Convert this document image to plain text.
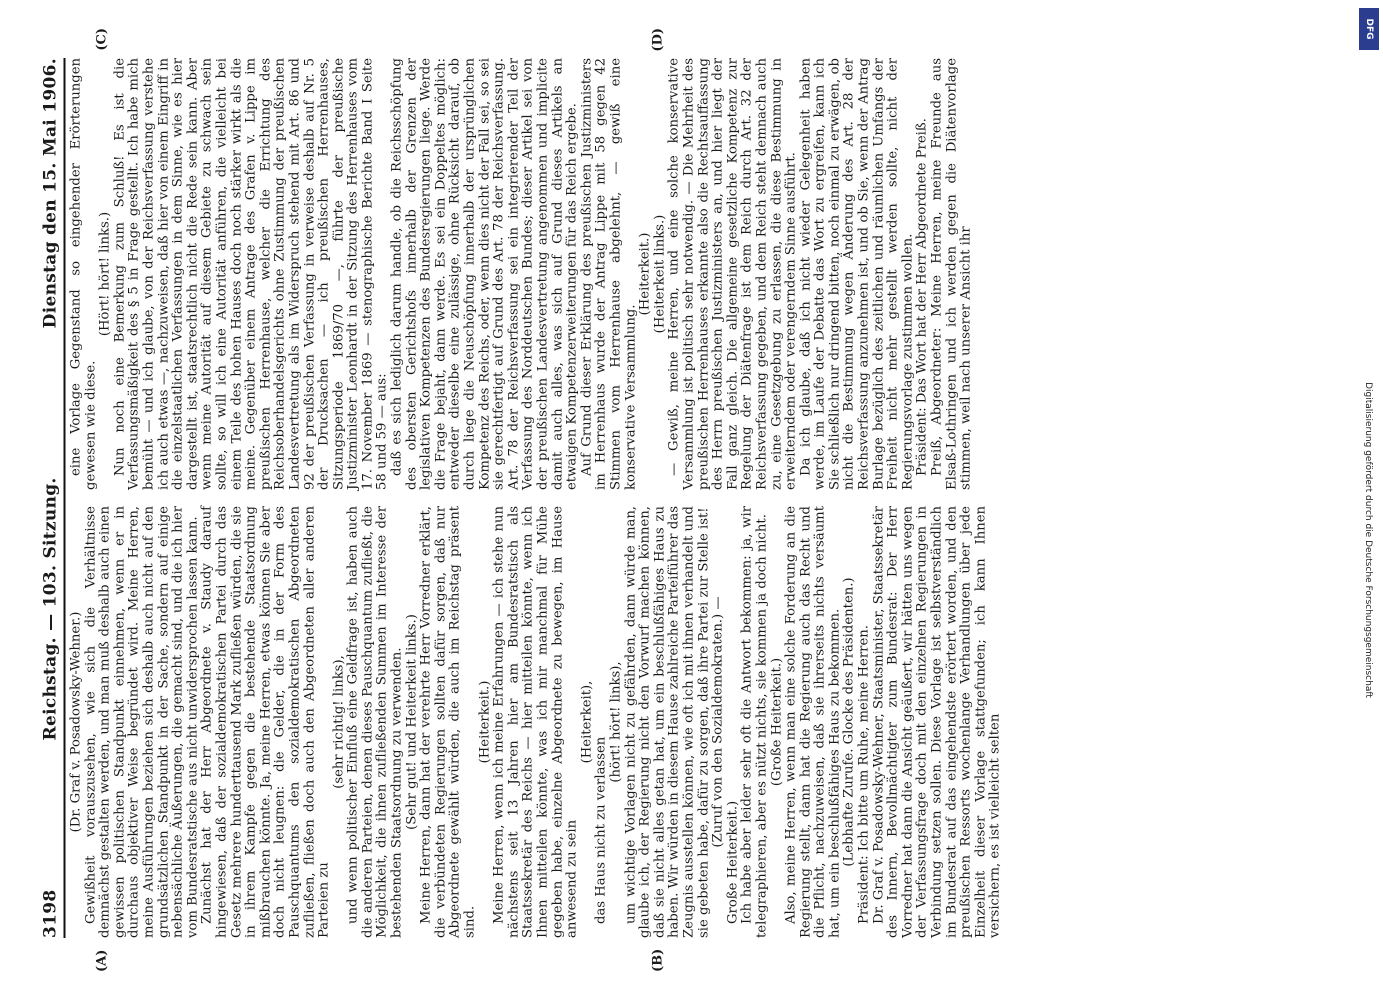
DFG
Digitalisierung gefördert durch die Deutsche Forschungsgemeinschaft
3198
Reichstag. — 103. Sitzung.
Dienstag den 15. Mai 1906.

(Dr. Graf v. Posadowsky-Wehner.) Gewißheit vorauszusehen, wie sich die Verhältnisse demnächst gestalten werden, und man muß deshalb auch einen gewissen politischen Standpunkt einnehmen, wenn er in durchaus objektiver Weise begründet wird. Meine Herren, meine Ausführungen beziehen sich deshalb auch nicht auf den grundsätzlichen Standpunkt in der Sache, sondern auf einige nebensächliche Äußerungen, die gemacht sind, und die ich hier vom Bundesratstische aus nicht unwidersprochen lassen kann. Zunächst hat der Herr Abgeordnete v. Staudy darauf hingewiesen, daß der sozialdemokratischen Partei durch das Gesetz mehrere hunderttausend Mark zufließen würden, die sie in ihrem Kampfe gegen die bestehende Staatsordnung mißbrauchen könnte. Ja, meine Herren, etwas können Sie aber doch nicht leugnen: die Gelder, die in der Form des Pauschquantums den sozialdemokratischen Abgeordneten zufließen, fließen doch auch den Abgeordneten aller anderen Parteien zu

(sehr richtig! links), und wenn politischer Einfluß eine Geldfrage ist, haben auch die anderen Parteien, denen dieses Pauschquantum zufließt, die Möglichkeit, die ihnen zufließenden Summen im Interesse der bestehenden Staatsordnung zu verwenden. (Sehr gut! und Heiterkeit links.) Meine Herren, dann hat der verehrte Herr Vorredner erklärt, die verbündeten Regierungen sollten dafür sorgen, daß nur Abgeordnete gewählt würden, die auch im Reichstag präsent sind.

(Heiterkeit.) Meine Herren, wenn ich meine Erfahrungen — ich stehe nun nächstens seit 13 Jahren hier am Bundesratstisch als Staatssekretär des Reichs — hier mitteilen könnte, wenn ich Ihnen mitteilen könnte, was ich mir manchmal für Mühe gegeben habe, einzelne Abgeordnete zu bewegen, im Hause anwesend zu sein

(Heiterkeit),

das Haus nicht zu verlassen

(hört! hört! links), um wichtige Vorlagen nicht zu gefährden, dann würde man, glaube ich, der Regierung nicht den Vorwurf machen können, daß sie nicht alles getan hat, um ein beschlußfähiges Haus zu haben. Wir würden in diesem Hause zahlreiche Parteiführer das Zeugnis ausstellen können, wie oft ich mit ihnen verhandelt und sie gebeten habe, dafür zu sorgen, daß ihre Partei zur Stelle ist! (Zuruf von den Sozialdemokraten.) —

Große Heiterkeit.) Ich habe aber leider sehr oft die Antwort bekommen: ja, wir telegraphieren, aber es nützt nichts, sie kommen ja doch nicht. (Große Heiterkeit.) Also, meine Herren, wenn man eine solche Forderung an die Regierung stellt, dann hat die Regierung auch das Recht und die Pflicht, nachzuweisen, daß sie ihrerseits nichts versäumt hat, um ein beschlußfähiges Haus zu bekommen. (Lebhafte Zurufe. Glocke des Präsidenten.) Präsident: Ich bitte um Ruhe, meine Herren. Dr. Graf v. Posadowsky-Wehner, Staatsminister, Staatssekretär des Innern, Bevollmächtigter zum Bundesrat: Der Herr Vorredner hat dann die Ansicht geäußert, wir hätten uns wegen der Verfassungsfrage doch mit den einzelnen Regierungen in Verbindung setzen sollen. Diese Vorlage ist selbstverständlich im Bundesrat auf das eingehendste erörtert worden, und den preußischen Ressorts wochenlange Verhandlungen über jede Einzelheit dieser Vorlage stattgefunden; ich kann Ihnen versichern, es ist vielleicht selten

eine Vorlage Gegenstand so eingehender Erörterungen gewesen wie diese.

(Hört! hört! links.) Nun noch eine Bemerkung zum Schluß! Es ist die Verfassungsmäßigkeit des § 5 in Frage gestellt. Ich habe mich bemüht — und ich glaube, von der Reichsverfassung verstehe ich auch etwas —, nachzuweisen, daß hier von einem Eingriff in die einzelstaatlichen Verfassungen in dem Sinne, wie es hier dargestellt ist, staatsrechtlich nicht die Rede sein kann. Aber wenn meine Autorität auf diesem Gebiete zu schwach sein sollte, so will ich eine Autorität anführen, die vielleicht bei einem Teile des hohen Hauses doch noch stärker wirkt als die meine. Gegenüber einem Antrage des Grafen v. Lippe im preußischen Herrenhause, welcher die Errichtung des Reichsoberhandelsgerichts ohne Zustimmung der preußischen Landesvertretung als im Widerspruch stehend mit Art. 86 und 92 der preußischen Verfassung in verweise deshalb auf Nr. 5 der Drucksachen — ich preußischen Herrenhauses, Sitzungsperiode 1869/70 —, führte der preußische Justizminister Leonhardt in der Sitzung des Herrenhauses vom 17. November 1869 — stenographische Berichte Band I Seite 58 und 59 — aus: daß es sich lediglich darum handle, ob die Reichsschöpfung des obersten Gerichtshofs innerhalb der Grenzen der legislativen Kompetenzen des Bundesregierungen liege. Werde die Frage bejaht, dann werde. Es sei ein Doppeltes möglich: entweder dieselbe eine zulässige, ohne Rücksicht darauf, ob durch liege die Neuschöpfung innerhalb der ursprünglichen Kompetenz des Reichs, oder, wenn dies nicht der Fall sei, so sei sie gerechtfertigt auf Grund des Art. 78 der Reichsverfassung. Art. 78 der Reichsverfassung sei ein integrierender Teil der Verfassung des Norddeutschen Bundes; dieser Artikel sei von der preußischen Landesvertretung angenommen und implicite damit auch alles, was sich auf Grund dieses Artikels an etwaigen Kompetenzerweiterungen für das Reich ergebe. Auf Grund dieser Erklärung des preußischen Justizministers im Herrenhaus wurde der Antrag Lippe mit 58 gegen 42 Stimmen vom Herrenhause abgelehnt, — gewiß eine konservative Versammlung.

(Heiterkeit.) (Heiterkeit links.) — Gewiß, meine Herren, und eine solche konservative Versammlung ist politisch sehr notwendig. — Die Mehrheit des preußischen Herrenhauses erkannte also die Rechtsauffassung des Herrn preußischen Justizministers an, und hier liegt der Fall ganz gleich. Die allgemeine gesetzliche Kompetenz zur Regelung der Diätenfrage ist dem Reich durch Art. 32 der Reichsverfassung gegeben, und dem Reich steht demnach auch zu, eine Gesetzgebung zu erlassen, die diese Bestimmung in erweiterndem oder verengerndem Sinne ausführt. Da ich glaube, daß ich nicht wieder Gelegenheit haben werde, im Laufe der Debatte das Wort zu ergreifen, kann ich Sie schließlich nur dringend bitten, noch einmal zu erwägen, ob nicht die Bestimmung wegen Änderung des Art. 28 der Reichsverfassung anzunehmen ist, und ob Sie, wenn der Antrag Burlage bezüglich des zeitlichen und räumlichen Umfangs der Freiheit nicht mehr gestellt werden sollte, nicht der Regierungsvorlage zustimmen wollen. Präsident: Das Wort hat der Herr Abgeordnete Preiß. Preiß, Abgeordneter: Meine Herren, meine Freunde aus Elsaß-Lothringen und ich werden gegen die Diätenvorlage stimmen, weil nach unserer Ansicht ihr

(A)	(B)
(C)	(D)
